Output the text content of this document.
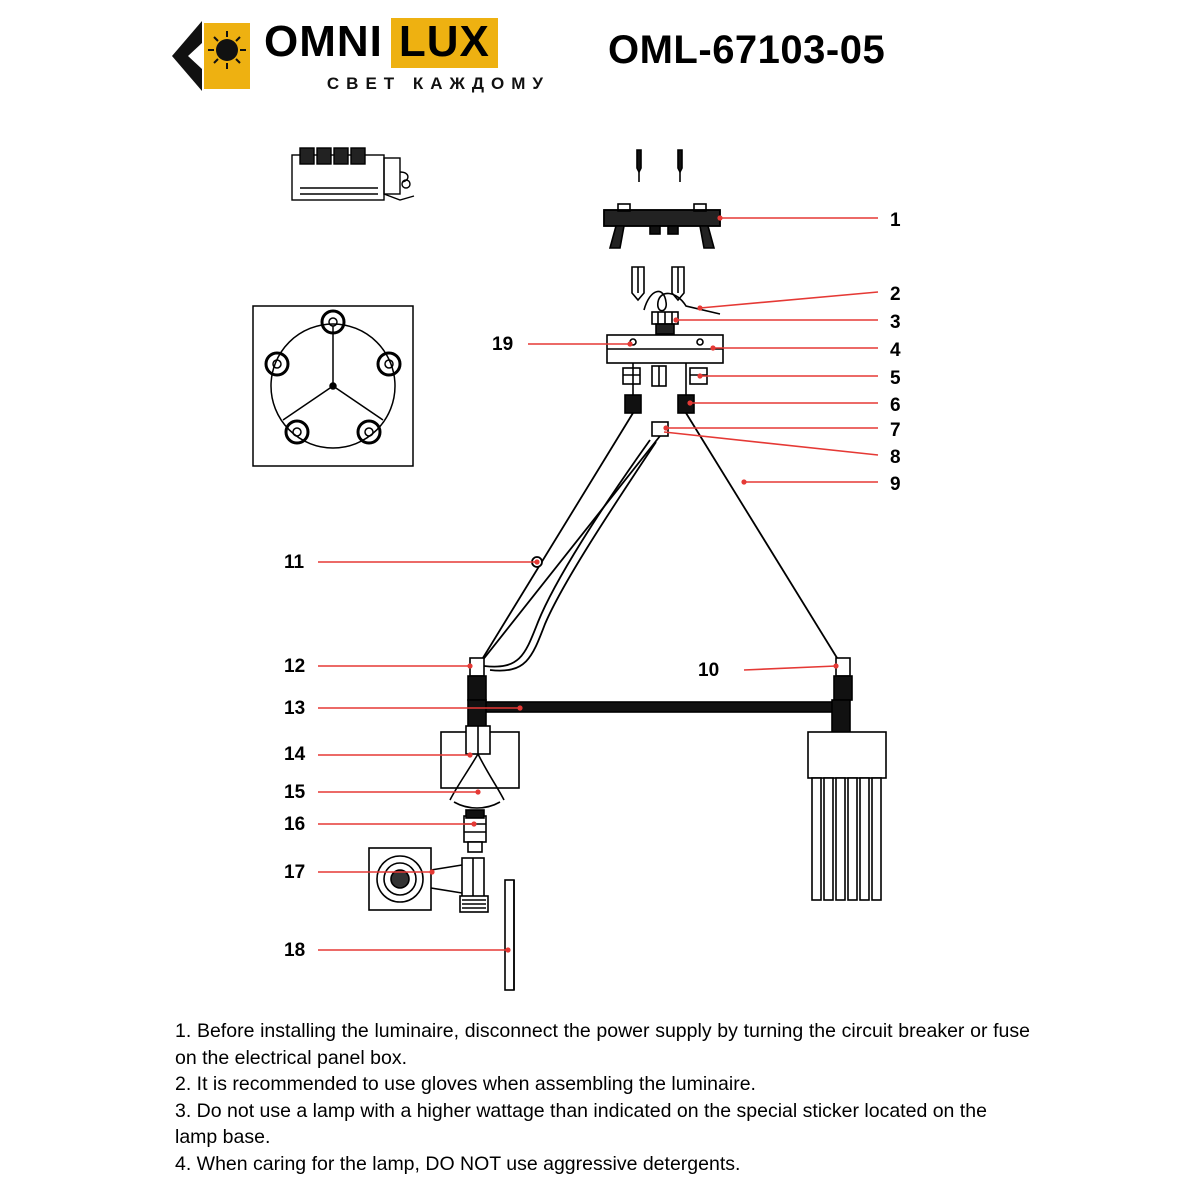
OMNI LUX
СВЕТ КАЖДОМУ
OML-67103-05
1
2
3
4
5
6
7
8
9
10
11
12
13
14
15
16
17
18
19

1. Before installing the luminaire, disconnect the power supply by turning the circuit breaker or fuse on the electrical panel box.

2. It is recommended to use gloves when assembling the luminaire.

3. Do not use a lamp with a higher wattage than indicated on the special sticker located on the lamp base.

4. When caring for the lamp, DO NOT use aggressive detergents.
